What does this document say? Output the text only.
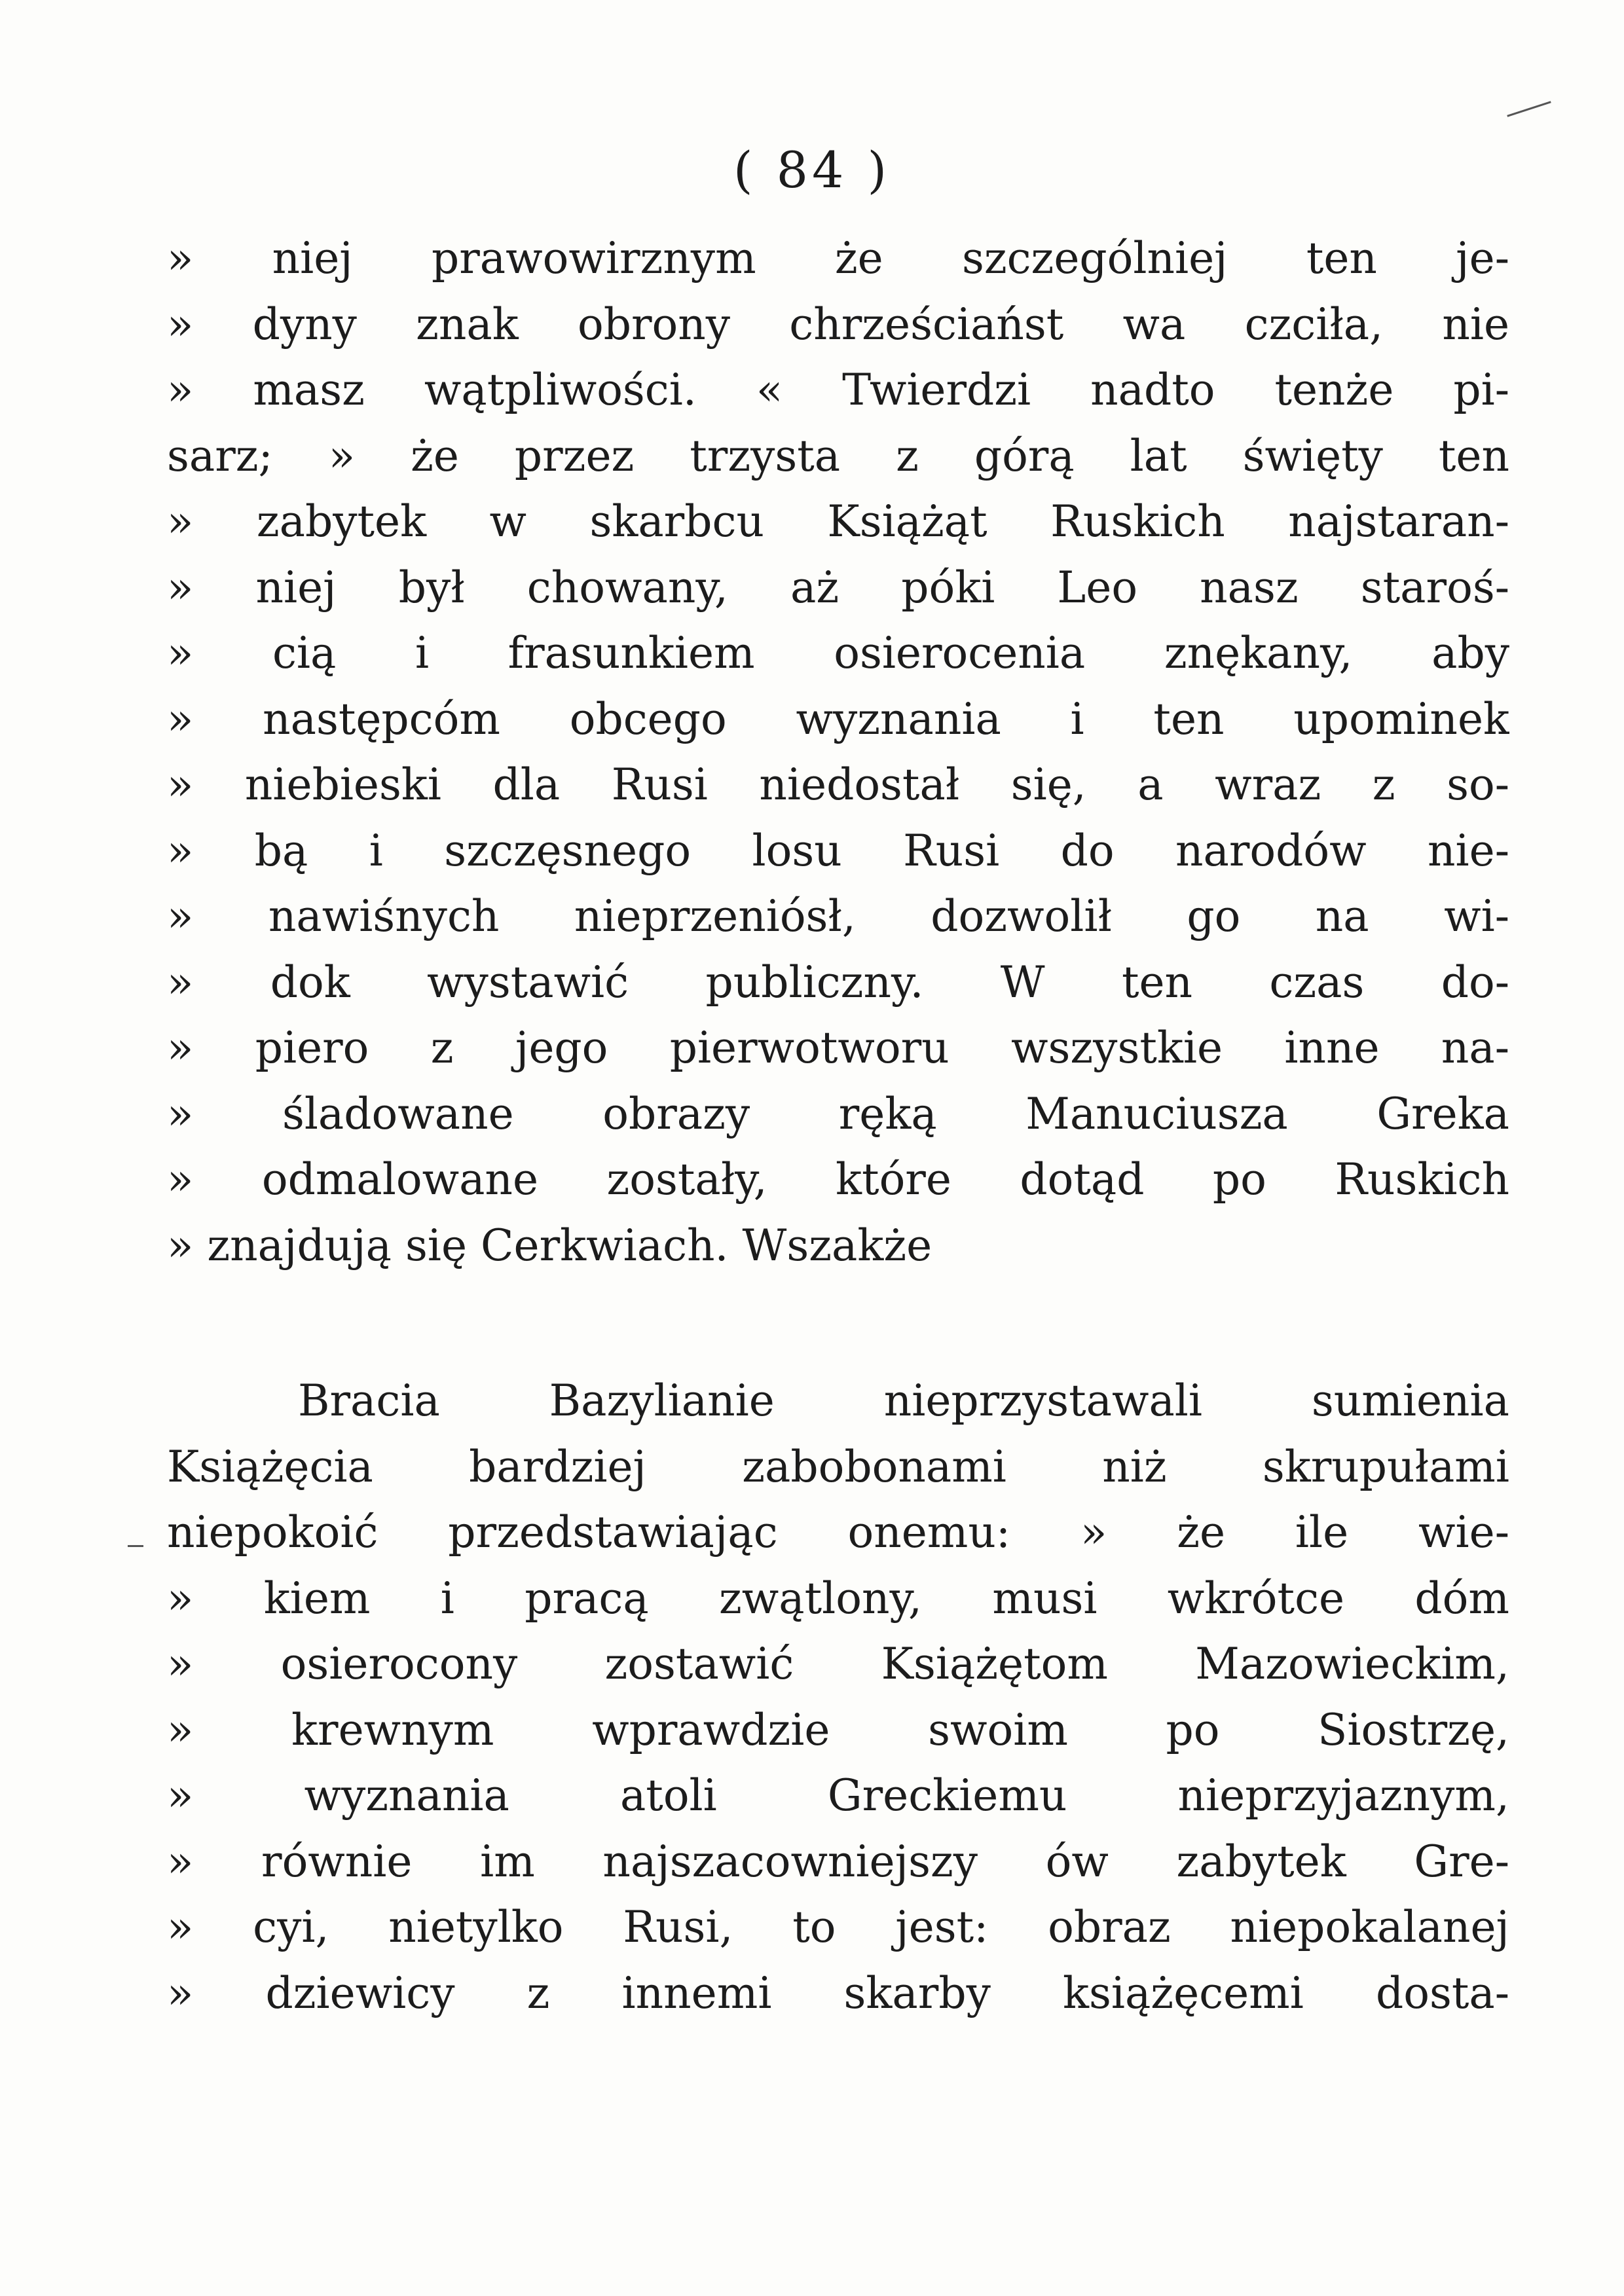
( 84 )
» niej prawowirznym że szczególniej ten je-
» dyny znak obrony chrześciańst wa czciła, nie
» masz wątpliwości. « Twierdzi nadto tenże pi-
sarz; » że przez trzysta z górą lat święty ten
» zabytek w skarbcu Książąt Ruskich najstaran-
» niej był chowany, aż póki Leo nasz staroś-
» cią i frasunkiem osierocenia znękany, aby
» następcóm obcego wyznania i ten upominek
» niebieski dla Rusi niedostał się, a wraz z so-
» bą i szczęsnego losu Rusi do narodów nie-
» nawiśnych nieprzeniósł, dozwolił go na wi-
» dok wystawić publiczny. W ten czas do-
» piero z jego pierwotworu wszystkie inne na-
» śladowane obrazy ręką Manuciusza Greka
» odmalowane zostały, które dotąd po Ruskich
» znajdują się Cerkwiach. Wszakże
Bracia Bazylianie nieprzystawali sumienia
Książęcia bardziej zabobonami niż skrupułami
niepokoić przedstawiając onemu: » że ile wie-
» kiem i pracą zwątlony, musi wkrótce dóm
» osierocony zostawić Książętom Mazowieckim,
» krewnym wprawdzie swoim po Siostrzę,
» wyznania atoli Greckiemu nieprzyjaznym,
» równie im najszacowniejszy ów zabytek Gre-
» cyi, nietylko Rusi, to jest: obraz niepokalanej
» dziewicy z innemi skarby książęcemi dosta-
